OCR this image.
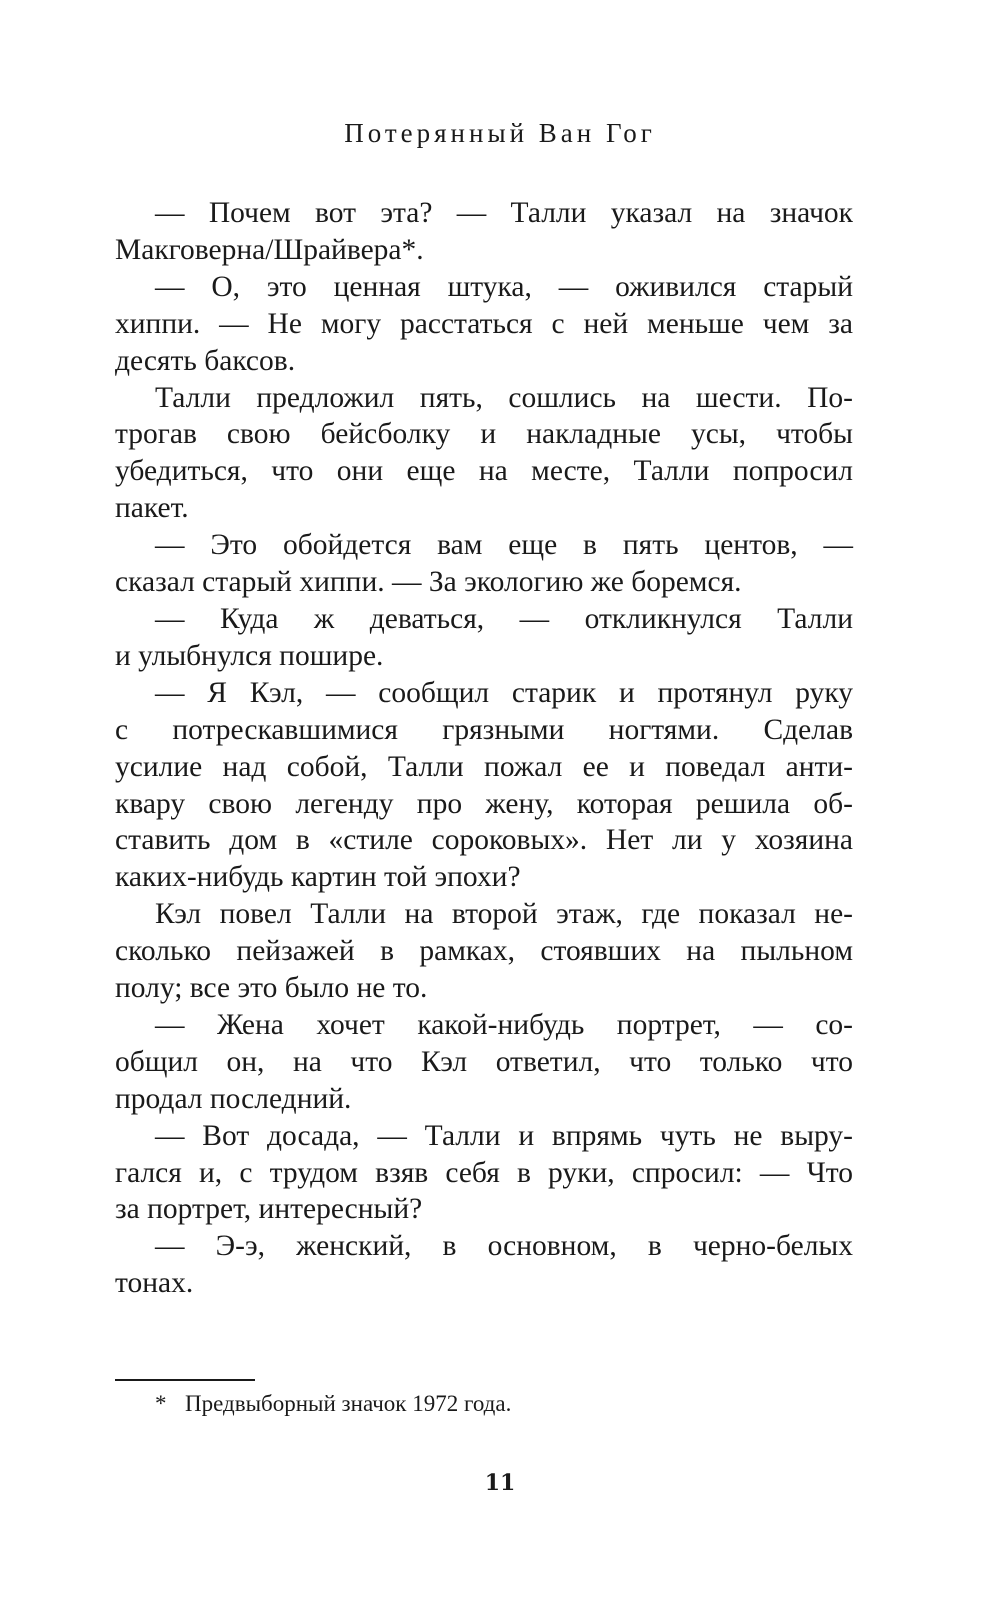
Потерянный Ван Гог
— Почем вот эта? — Талли указал на значок
Макговерна/Шрайвера*.
— О, это ценная штука, — оживился старый
хиппи. — Не могу расстаться с ней меньше чем за
десять баксов.
Талли предложил пять, сошлись на шести. По-
трогав свою бейсболку и накладные усы, чтобы
убедиться, что они еще на месте, Талли попросил
пакет.
— Это обойдется вам еще в пять центов, —
сказал старый хиппи. — За экологию же боремся.
— Куда ж деваться, — откликнулся Талли
и улыбнулся пошире.
— Я Кэл, — сообщил старик и протянул руку
с потрескавшимися грязными ногтями. Сделав
усилие над собой, Талли пожал ее и поведал анти-
квару свою легенду про жену, которая решила об-
ставить дом в «стиле сороковых». Нет ли у хозяина
каких-нибудь картин той эпохи?
Кэл повел Талли на второй этаж, где показал не-
сколько пейзажей в рамках, стоявших на пыльном
полу; все это было не то.
— Жена хочет какой-нибудь портрет, — со-
общил он, на что Кэл ответил, что только что
продал последний.
— Вот досада, — Талли и впрямь чуть не выру-
гался и, с трудом взяв себя в руки, спросил: — Что
за портрет, интересный?
— Э-э, женский, в основном, в черно-белых
тонах.
* Предвыборный значок 1972 года.
11
